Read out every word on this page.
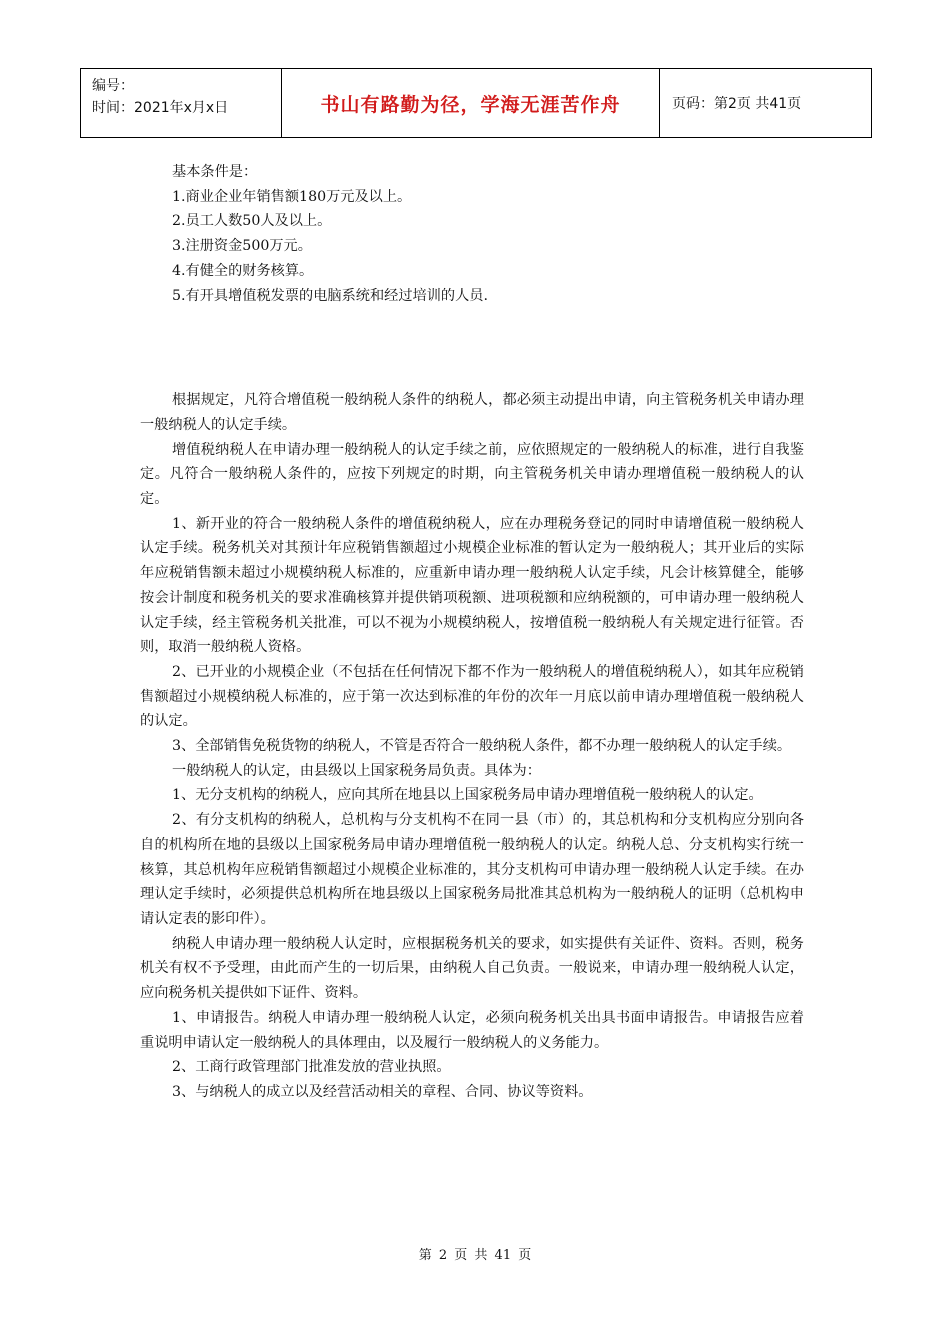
编号：
时间：2021年x月x日	书山有路勤为径，学海无涯苦作舟	页码：第2页 共41页

基本条件是：

1.商业企业年销售额180万元及以上。

2.员工人数50人及以上。

3.注册资金500万元。

4.有健全的财务核算。

5.有开具增值税发票的电脑系统和经过培训的人员.

根据规定，凡符合增值税一般纳税人条件的纳税人，都必须主动提出申请，向主管税务机关申请办理一般纳税人的认定手续。

增值税纳税人在申请办理一般纳税人的认定手续之前，应依照规定的一般纳税人的标准，进行自我鉴定。凡符合一般纳税人条件的，应按下列规定的时期，向主管税务机关申请办理增值税一般纳税人的认定。

1、新开业的符合一般纳税人条件的增值税纳税人，应在办理税务登记的同时申请增值税一般纳税人认定手续。税务机关对其预计年应税销售额超过小规模企业标准的暂认定为一般纳税人；其开业后的实际年应税销售额未超过小规模纳税人标准的，应重新申请办理一般纳税人认定手续，凡会计核算健全，能够按会计制度和税务机关的要求准确核算并提供销项税额、进项税额和应纳税额的，可申请办理一般纳税人认定手续，经主管税务机关批准，可以不视为小规模纳税人，按增值税一般纳税人有关规定进行征管。否则，取消一般纳税人资格。

2、已开业的小规模企业（不包括在任何情况下都不作为一般纳税人的增值税纳税人），如其年应税销售额超过小规模纳税人标准的，应于第一次达到标准的年份的次年一月底以前申请办理增值税一般纳税人的认定。

3、全部销售免税货物的纳税人，不管是否符合一般纳税人条件，都不办理一般纳税人的认定手续。

一般纳税人的认定，由县级以上国家税务局负责。具体为：

1、无分支机构的纳税人，应向其所在地县以上国家税务局申请办理增值税一般纳税人的认定。

2、有分支机构的纳税人，总机构与分支机构不在同一县（市）的，其总机构和分支机构应分别向各自的机构所在地的县级以上国家税务局申请办理增值税一般纳税人的认定。纳税人总、分支机构实行统一核算，其总机构年应税销售额超过小规模企业标准的，其分支机构可申请办理一般纳税人认定手续。在办理认定手续时，必须提供总机构所在地县级以上国家税务局批准其总机构为一般纳税人的证明（总机构申请认定表的影印件）。

纳税人申请办理一般纳税人认定时，应根据税务机关的要求，如实提供有关证件、资料。否则，税务机关有权不予受理，由此而产生的一切后果，由纳税人自己负责。一般说来，申请办理一般纳税人认定，应向税务机关提供如下证件、资料。

1、申请报告。纳税人申请办理一般纳税人认定，必须向税务机关出具书面申请报告。申请报告应着重说明申请认定一般纳税人的具体理由，以及履行一般纳税人的义务能力。

2、工商行政管理部门批准发放的营业执照。

3、与纳税人的成立以及经营活动相关的章程、合同、协议等资料。

第 2 页 共 41 页
